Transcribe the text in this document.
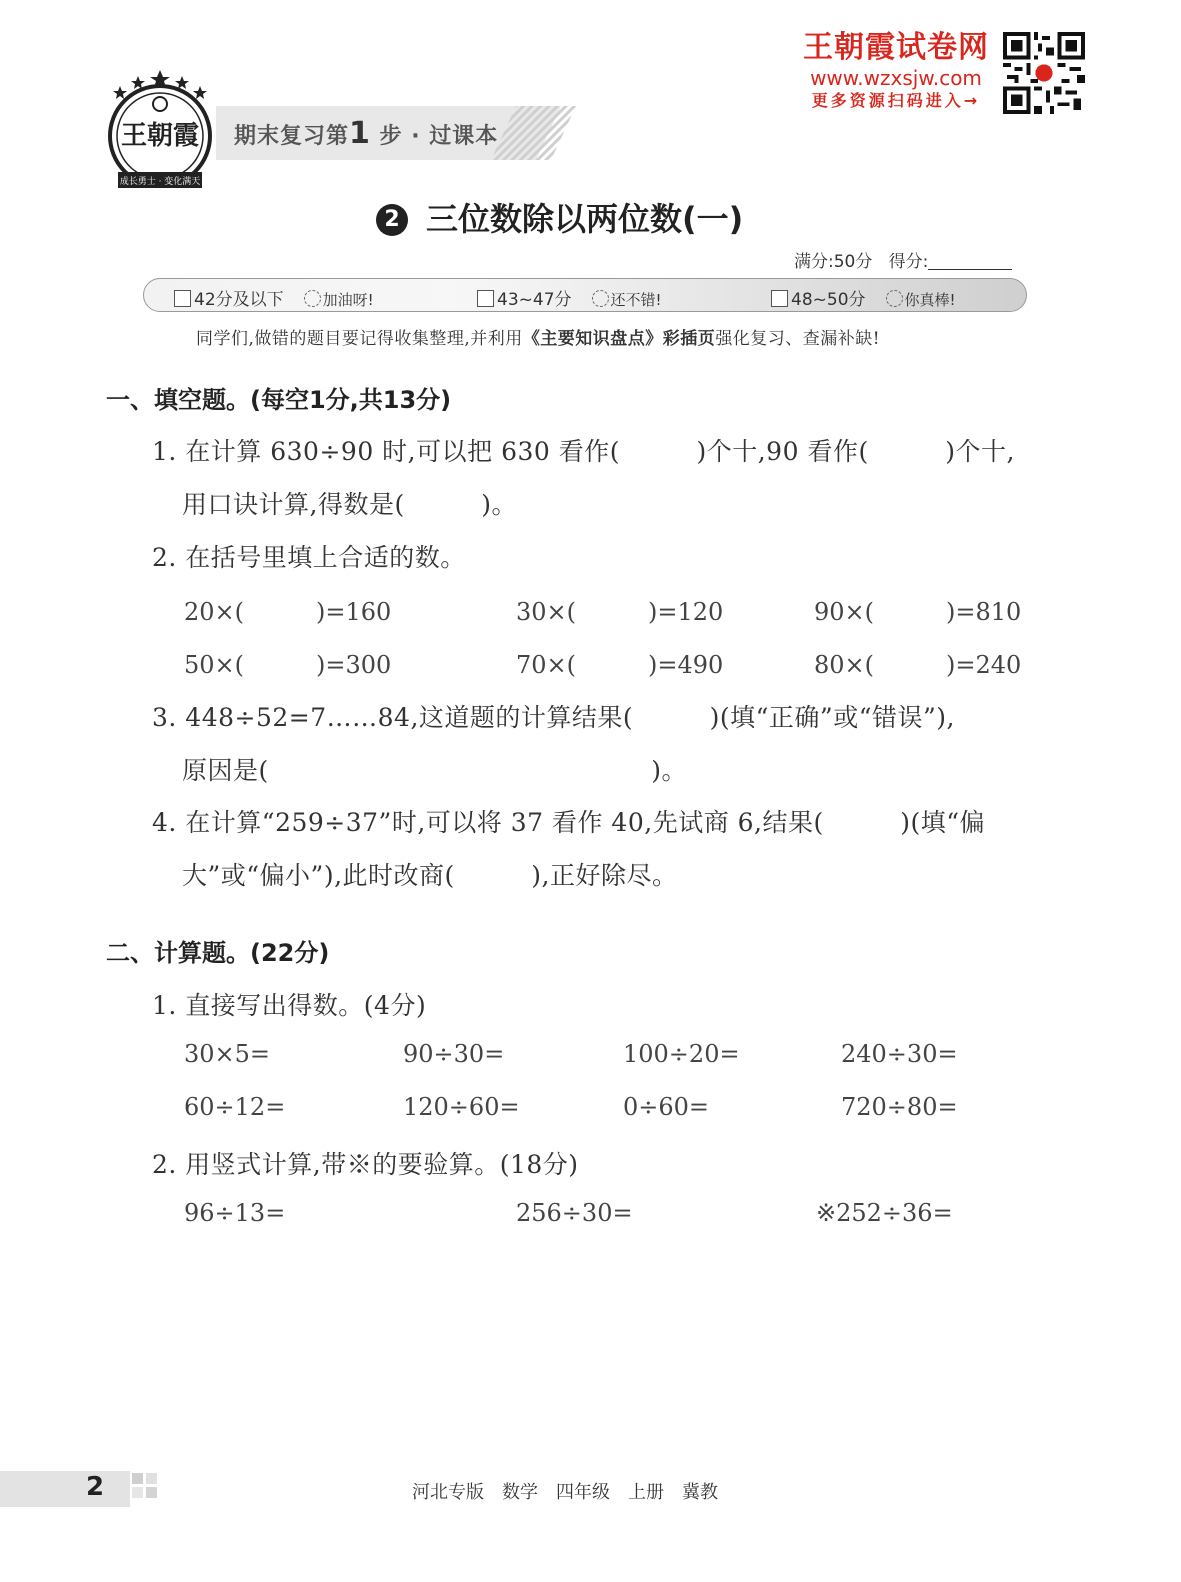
王朝霞
成长勇士 · 变化满天
期末复习第1 步 · 过课本
王朝霞试卷网
www.wzxsjw.com
更多资源扫码进入→
2 三位数除以两位数(一)
满分:50分 得分:
42分及以下	加油呀!	43~47分	还不错!	48~50分	你真棒!
同学们,做错的题目要记得收集整理,并利用《主要知识盘点》彩插页强化复习、查漏补缺!
一、填空题。(每空1分,共13分)
1. 在计算 630÷90 时,可以把 630 看作(　　　)个十,90 看作(　　　)个十,
用口诀计算,得数是(　　　)。
2. 在括号里填上合适的数。
20×(　　　)=160	30×(　　　)=120	90×(　　　)=810
50×(　　　)=300	70×(　　　)=490	80×(　　　)=240
3. 448÷52=7……84,这道题的计算结果(　　　)(填“正确”或“错误”),
原因是(　　　　　　　　　　　　　　　)。
4. 在计算“259÷37”时,可以将 37 看作 40,先试商 6,结果(　　　)(填“偏
大”或“偏小”),此时改商(　　　),正好除尽。
二、计算题。(22分)
1. 直接写出得数。(4分)
30×5=	90÷30=	100÷20=	240÷30=
60÷12=	120÷60=	0÷60=	720÷80=
2. 用竖式计算,带※的要验算。(18分)
96÷13=	256÷30=	※252÷36=
2	河北专版　数学　四年级　上册　冀教
